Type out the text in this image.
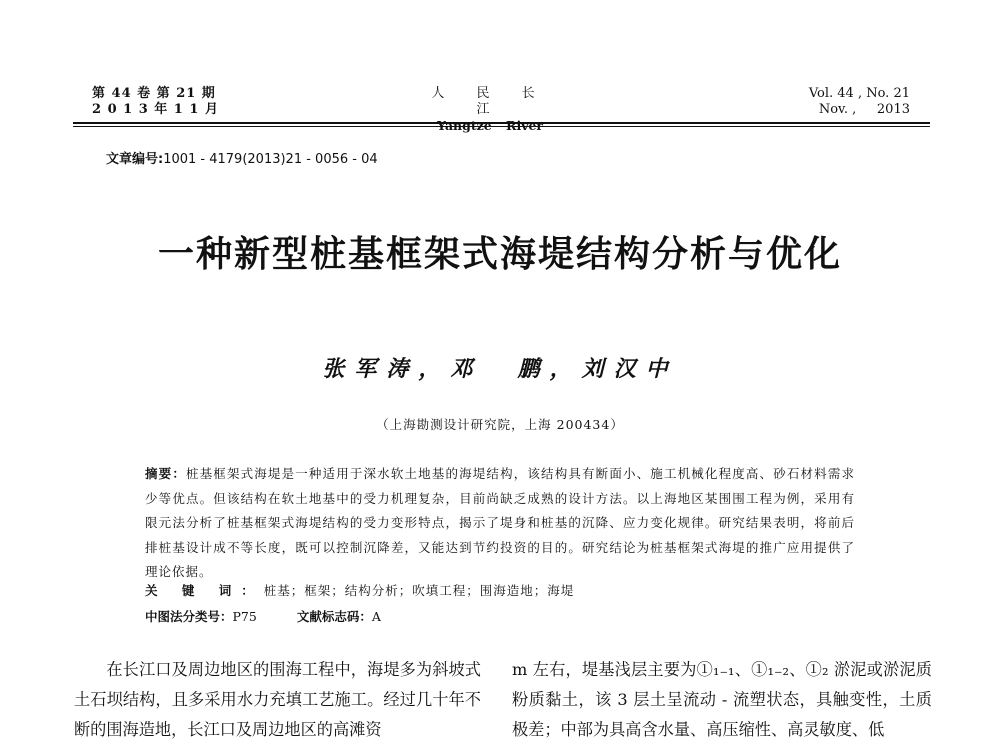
第 44 卷 第 21 期
2 0 1 3 年 1 1 月
人 民 长 江
Yangtze River
Vol. 44 , No. 21
Nov. ,     2013
文章编号:1001 - 4179(2013)21 - 0056 - 04
一种新型桩基框架式海堤结构分析与优化
张军涛，邓  鹏，刘汉中
（上海勘测设计研究院，上海 200434）
摘要：桩基框架式海堤是一种适用于深水软土地基的海堤结构，该结构具有断面小、施工机械化程度高、砂石材料需求少等优点。但该结构在软土地基中的受力机理复杂，目前尚缺乏成熟的设计方法。以上海地区某围围工程为例，采用有限元法分析了桩基框架式海堤结构的受力变形特点，揭示了堤身和桩基的沉降、应力变化规律。研究结果表明，将前后排桩基设计成不等长度，既可以控制沉降差，又能达到节约投资的目的。研究结论为桩基框架式海堤的推广应用提供了理论依据。
关 键 词：桩基；框架；结构分析；吹填工程；围海造地；海堤
中图法分类号：P75	文献标志码：A

在长江口及周边地区的围海工程中，海堤多为斜坡式土石坝结构，且多采用水力充填工艺施工。经过几十年不断的围海造地，长江口及周边地区的高滩资

m 左右，堤基浅层主要为①₁₋₁、①₁₋₂、①₂ 淤泥或淤泥质粉质黏土，该 3 层土呈流动 - 流塑状态，具触变性，土质极差；中部为具高含水量、高压缩性、高灵敏度、低
